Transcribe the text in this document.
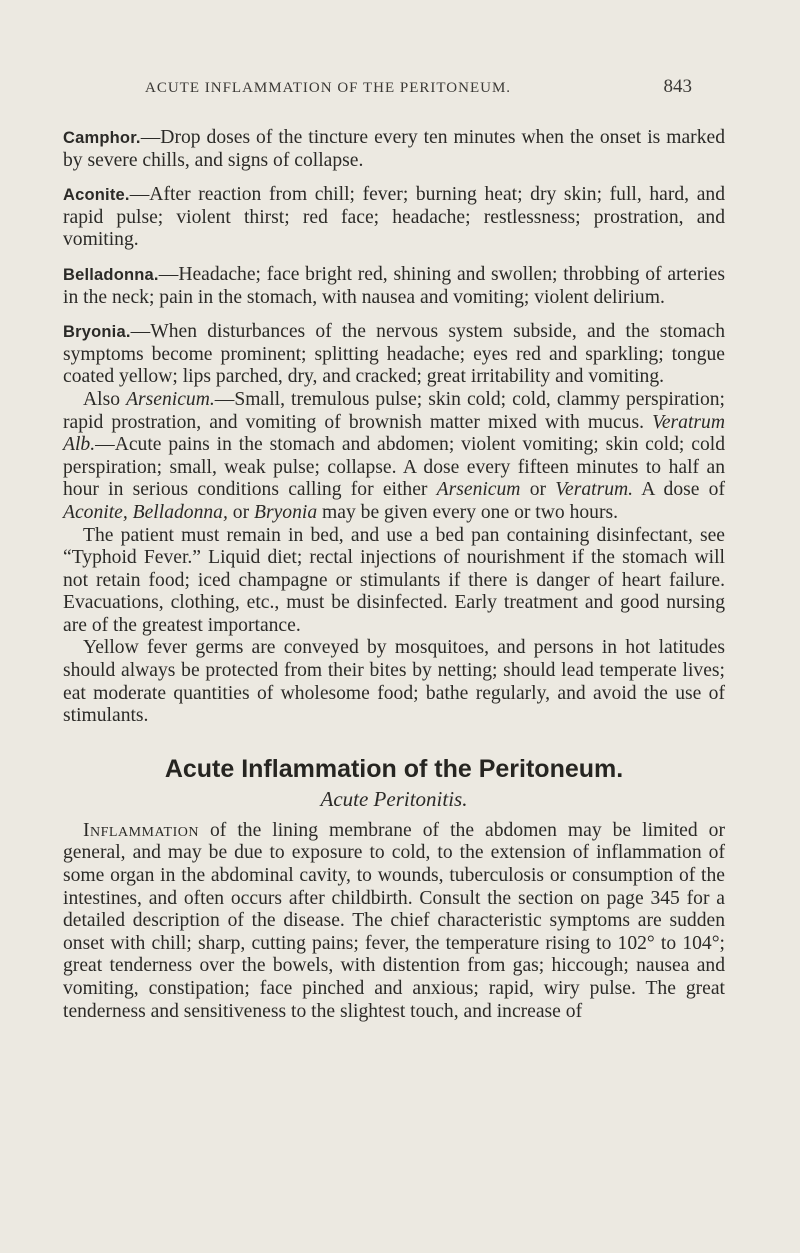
ACUTE INFLAMMATION OF THE PERITONEUM.	843

Camphor.—Drop doses of the tincture every ten minutes when the onset is marked by severe chills, and signs of collapse.

Aconite.—After reaction from chill; fever; burning heat; dry skin; full, hard, and rapid pulse; violent thirst; red face; headache; restlessness; prostration, and vomiting.

Belladonna.—Headache; face bright red, shining and swollen; throbbing of arteries in the neck; pain in the stomach, with nausea and vomiting; violent delirium.

Bryonia.—When disturbances of the nervous system subside, and the stomach symptoms become prominent; splitting headache; eyes red and sparkling; tongue coated yellow; lips parched, dry, and cracked; great irritability and vomiting.

Also Arsenicum.—Small, tremulous pulse; skin cold; cold, clammy perspiration; rapid prostration, and vomiting of brownish matter mixed with mucus. Veratrum Alb.—Acute pains in the stomach and abdomen; violent vomiting; skin cold; cold perspiration; small, weak pulse; collapse. A dose every fifteen minutes to half an hour in serious conditions calling for either Arsenicum or Veratrum. A dose of Aconite, Belladonna, or Bryonia may be given every one or two hours.

The patient must remain in bed, and use a bed pan containing disinfectant, see “Typhoid Fever.” Liquid diet; rectal injections of nourishment if the stomach will not retain food; iced champagne or stimulants if there is danger of heart failure. Evacuations, clothing, etc., must be disinfected. Early treatment and good nursing are of the greatest importance.

Yellow fever germs are conveyed by mosquitoes, and persons in hot latitudes should always be protected from their bites by netting; should lead temperate lives; eat moderate quantities of wholesome food; bathe regularly, and avoid the use of stimulants.

Acute Inflammation of the Peritoneum.
Acute Peritonitis.

Inflammation of the lining membrane of the abdomen may be limited or general, and may be due to exposure to cold, to the extension of inflammation of some organ in the abdominal cavity, to wounds, tuberculosis or consumption of the intestines, and often occurs after childbirth. Consult the section on page 345 for a detailed description of the disease. The chief characteristic symptoms are sudden onset with chill; sharp, cutting pains; fever, the temperature rising to 102° to 104°; great tenderness over the bowels, with distention from gas; hiccough; nausea and vomiting, constipation; face pinched and anxious; rapid, wiry pulse. The great tenderness and sensitiveness to the slightest touch, and increase of
